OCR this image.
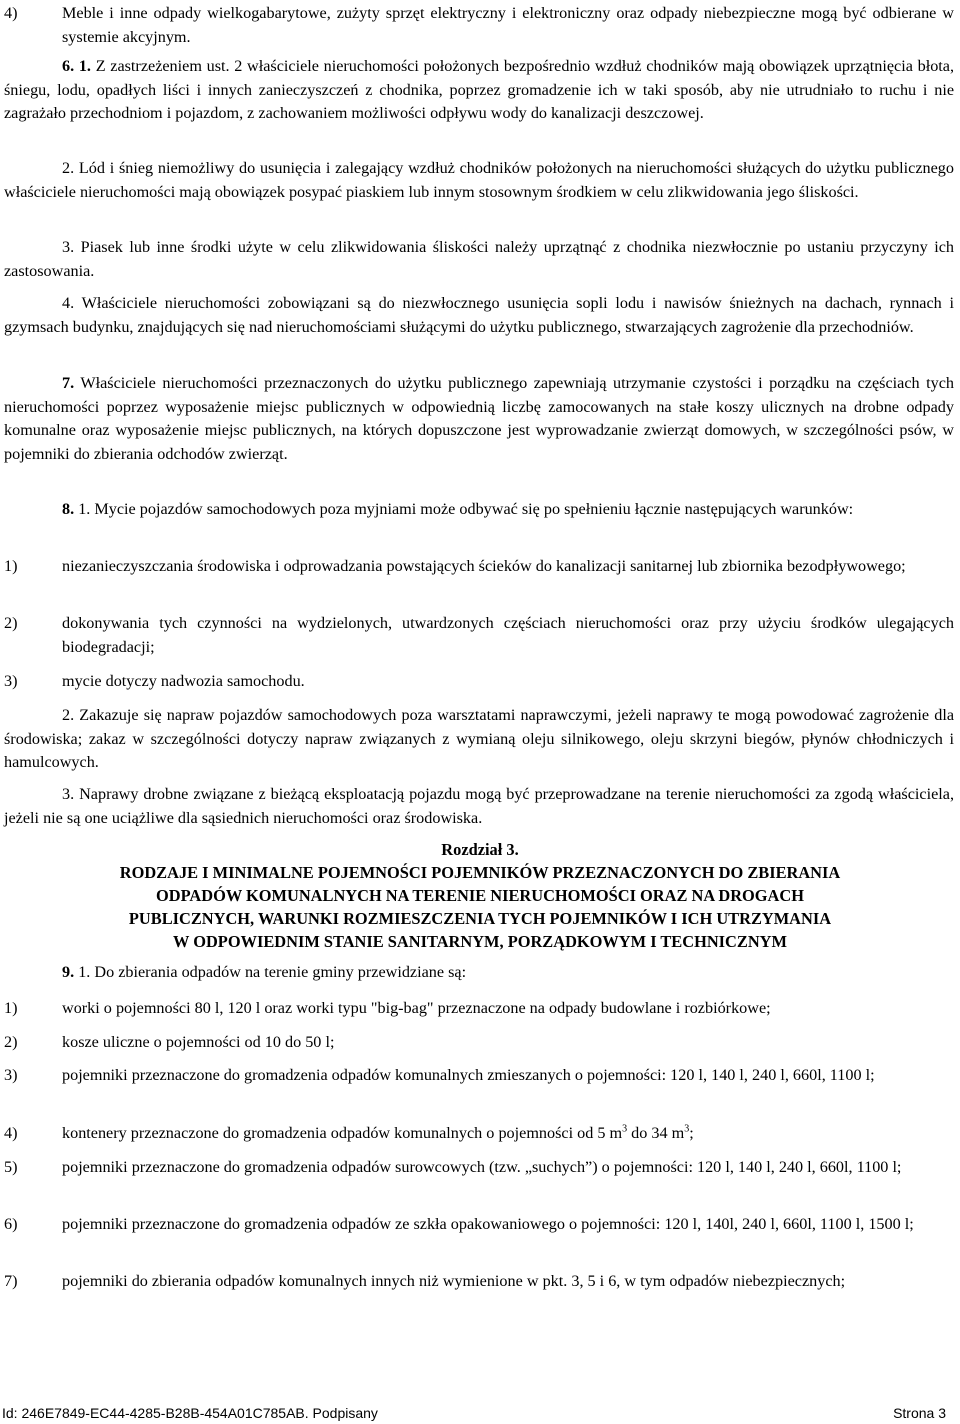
4)	Meble i inne odpady wielkogabarytowe, zużyty sprzęt elektryczny i elektroniczny oraz odpady niebezpieczne mogą być odbierane w systemie akcyjnym.

6. 1. Z zastrzeżeniem ust. 2 właściciele nieruchomości położonych bezpośrednio wzdłuż chodników mają obowiązek uprzątnięcia błota, śniegu, lodu, opadłych liści i innych zanieczyszczeń z chodnika, poprzez gromadzenie ich w taki sposób, aby nie utrudniało to ruchu i nie zagrażało przechodniom i pojazdom, z zachowaniem możliwości odpływu wody do kanalizacji deszczowej.

2. Lód i śnieg niemożliwy do usunięcia i zalegający wzdłuż chodników położonych na nieruchomości służących do użytku publicznego właściciele nieruchomości mają obowiązek posypać piaskiem lub innym stosownym środkiem w celu zlikwidowania jego śliskości.

3. Piasek lub inne środki użyte w celu zlikwidowania śliskości należy uprzątnąć z chodnika niezwłocznie po ustaniu przyczyny ich zastosowania.

4. Właściciele nieruchomości zobowiązani są do niezwłocznego usunięcia sopli lodu i nawisów śnieżnych na dachach, rynnach i gzymsach budynku, znajdujących się nad nieruchomościami służącymi do użytku publicznego, stwarzających zagrożenie dla przechodniów.

7. Właściciele nieruchomości przeznaczonych do użytku publicznego zapewniają utrzymanie czystości i porządku na częściach tych nieruchomości poprzez wyposażenie miejsc publicznych w odpowiednią liczbę zamocowanych na stałe koszy ulicznych na drobne odpady komunalne oraz wyposażenie miejsc publicznych, na których dopuszczone jest wyprowadzanie zwierząt domowych, w szczególności psów, w pojemniki do zbierania odchodów zwierząt.

8. 1. Mycie pojazdów samochodowych poza myjniami może odbywać się po spełnieniu łącznie następujących warunków:

1)	niezanieczyszczania środowiska i odprowadzania powstających ścieków do kanalizacji sanitarnej lub zbiornika bezodpływowego;

2)	dokonywania tych czynności na wydzielonych, utwardzonych częściach nieruchomości oraz przy użyciu środków ulegających biodegradacji;

3)	mycie dotyczy nadwozia samochodu.

2. Zakazuje się napraw pojazdów samochodowych poza warsztatami naprawczymi, jeżeli naprawy te mogą powodować zagrożenie dla środowiska; zakaz w szczególności dotyczy napraw związanych z wymianą oleju silnikowego, oleju skrzyni biegów, płynów chłodniczych i hamulcowych.

3. Naprawy drobne związane z bieżącą eksploatacją pojazdu mogą być przeprowadzane na terenie nieruchomości za zgodą właściciela, jeżeli nie są one uciążliwe dla sąsiednich nieruchomości oraz środowiska.

Rozdział 3.
RODZAJE I MINIMALNE POJEMNOŚCI POJEMNIKÓW PRZEZNACZONYCH DO ZBIERANIA
ODPADÓW KOMUNALNYCH NA TERENIE NIERUCHOMOŚCI ORAZ NA DROGACH
PUBLICZNYCH, WARUNKI ROZMIESZCZENIA TYCH POJEMNIKÓW I ICH UTRZYMANIA
W ODPOWIEDNIM STANIE SANITARNYM, PORZĄDKOWYM I TECHNICZNYM

9. 1. Do zbierania odpadów na terenie gminy przewidziane są:

1)	worki o pojemności 80 l, 120 l oraz worki typu "big-bag" przeznaczone na odpady budowlane i rozbiórkowe;

2)	kosze uliczne o pojemności od 10 do 50 l;

3)	pojemniki przeznaczone do gromadzenia odpadów komunalnych zmieszanych o pojemności: 120 l, 140 l, 240 l, 660l, 1100 l;

4)	kontenery przeznaczone do gromadzenia odpadów komunalnych o pojemności od 5 $m^3$ do 34 $m^3$;

5)	pojemniki przeznaczone do gromadzenia odpadów surowcowych (tzw. „suchych”) o pojemności: 120 l, 140 l, 240 l, 660l, 1100 l;

6)	pojemniki przeznaczone do gromadzenia odpadów ze szkła opakowaniowego o pojemności: 120 l, 140l, 240 l, 660l, 1100 l, 1500 l;

7)	pojemniki do zbierania odpadów komunalnych innych niż wymienione w pkt. 3, 5 i 6, w tym odpadów niebezpiecznych;

Id: 246E7849-EC44-4285-B28B-454A01C785AB. Podpisany	Strona 3
